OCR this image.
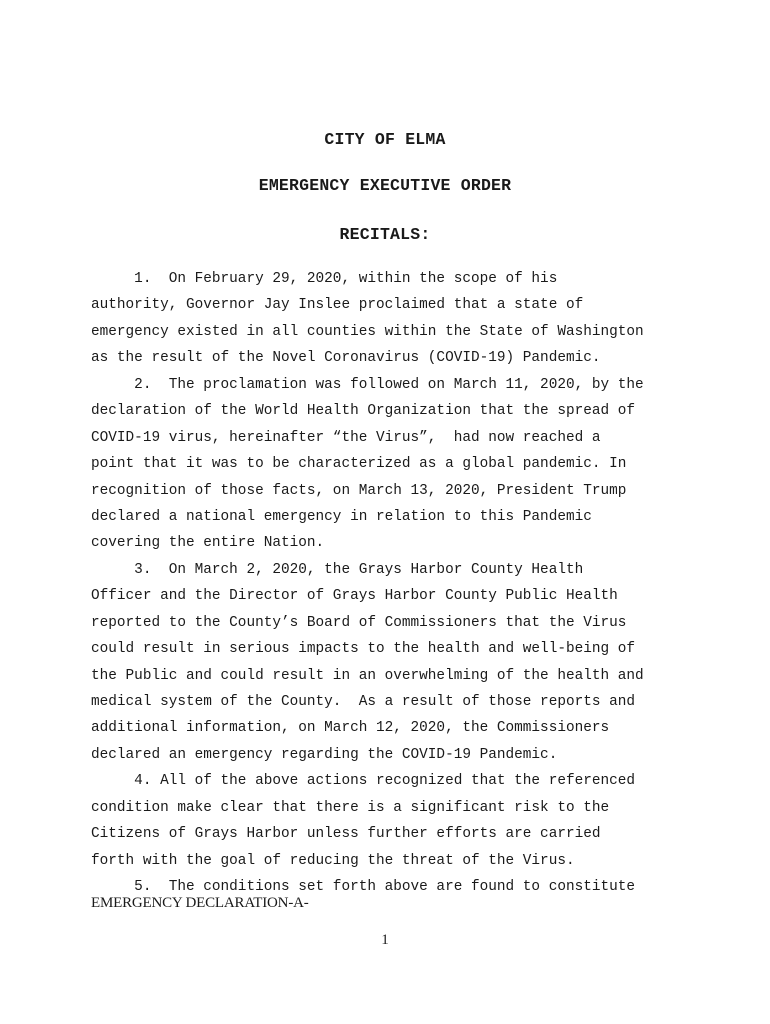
CITY OF ELMA
EMERGENCY EXECUTIVE ORDER
RECITALS:
1.  On February 29, 2020, within the scope of his
authority, Governor Jay Inslee proclaimed that a state of
emergency existed in all counties within the State of Washington
as the result of the Novel Coronavirus (COVID-19) Pandemic.
2.  The proclamation was followed on March 11, 2020, by the
declaration of the World Health Organization that the spread of
COVID-19 virus, hereinafter “the Virus”,  had now reached a
point that it was to be characterized as a global pandemic. In
recognition of those facts, on March 13, 2020, President Trump
declared a national emergency in relation to this Pandemic
covering the entire Nation.
3.  On March 2, 2020, the Grays Harbor County Health
Officer and the Director of Grays Harbor County Public Health
reported to the County’s Board of Commissioners that the Virus
could result in serious impacts to the health and well-being of
the Public and could result in an overwhelming of the health and
medical system of the County.  As a result of those reports and
additional information, on March 12, 2020, the Commissioners
declared an emergency regarding the COVID-19 Pandemic.
4. All of the above actions recognized that the referenced
condition make clear that there is a significant risk to the
Citizens of Grays Harbor unless further efforts are carried
forth with the goal of reducing the threat of the Virus.
5.  The conditions set forth above are found to constitute
EMERGENCY DECLARATION-A-
1
